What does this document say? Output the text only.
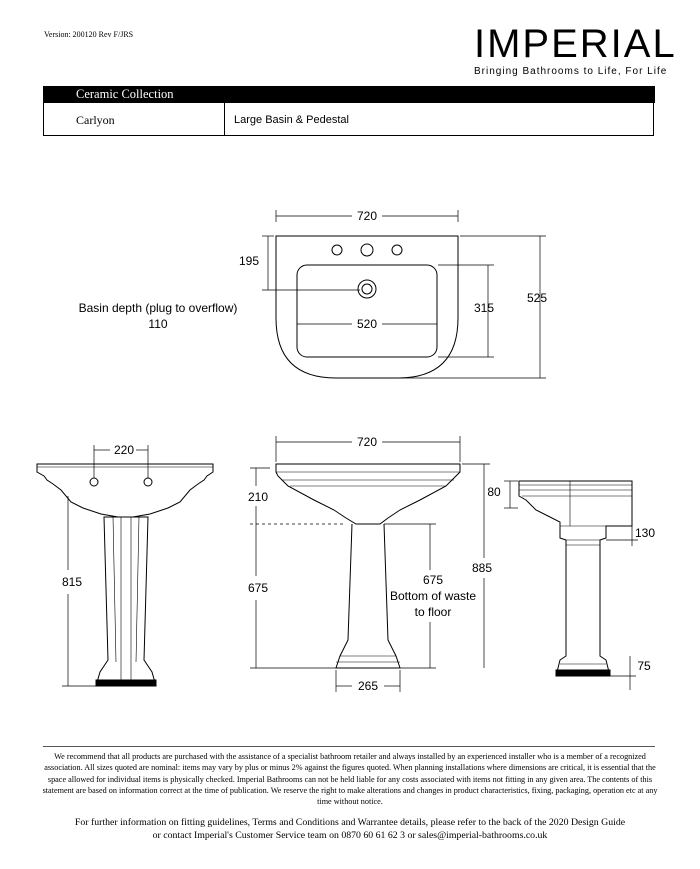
Version: 200120 Rev F/JRS	IMPERIAL
Bringing Bathrooms to Life, For Life
Ceramic Collection
Carlyon	Large Basin & Pedestal
720
195
520
315
525
Basin depth (plug to overflow)
110
220
815
720
210
675
675
Bottom of waste
to floor
885
265
80
130
75
We recommend that all products are purchased with the assistance of a specialist bathroom retailer and always installed by an experienced installer who is a member of a recognized association. All sizes quoted are nominal: items may vary by plus or minus 2% against the figures quoted. When planning installations where dimensions are critical, it is essential that the space allowed for individual items is physically checked. Imperial Bathrooms can not be held liable for any costs associated with items not fitting in any given area. The contents of this statement are based on information correct at the time of publication. We reserve the right to make alterations and changes in product characteristics, fixing, packaging, operation etc at any time without notice.
For further information on fitting guidelines, Terms and Conditions and Warrantee details, please refer to the back of the 2020 Design Guide
or contact Imperial's Customer Service team on 0870 60 61 62 3 or sales@imperial-bathrooms.co.uk
